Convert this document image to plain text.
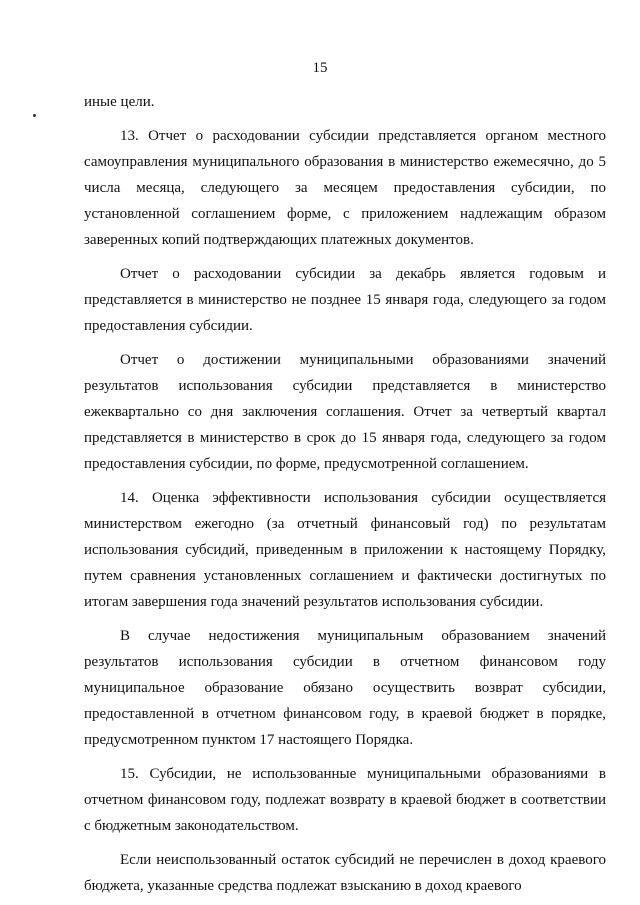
15

иные цели.

13. Отчет о расходовании субсидии представляется органом местного самоуправления муниципального образования в министерство ежемесячно, до 5 числа месяца, следующего за месяцем предоставления субсидии, по установленной соглашением форме, с приложением надлежащим образом заверенных копий подтверждающих платежных документов.

Отчет о расходовании субсидии за декабрь является годовым и представляется в министерство не позднее 15 января года, следующего за годом предоставления субсидии.

Отчет о достижении муниципальными образованиями значений результатов использования субсидии представляется в министерство ежеквартально со дня заключения соглашения. Отчет за четвертый квартал представляется в министерство в срок до 15 января года, следующего за годом предоставления субсидии, по форме, предусмотренной соглашением.

14. Оценка эффективности использования субсидии осуществляется министерством ежегодно (за отчетный финансовый год) по результатам использования субсидий, приведенным в приложении к настоящему Порядку, путем сравнения установленных соглашением и фактически достигнутых по итогам завершения года значений результатов использования субсидии.

В случае недостижения муниципальным образованием значений результатов использования субсидии в отчетном финансовом году муниципальное образование обязано осуществить возврат субсидии, предоставленной в отчетном финансовом году, в краевой бюджет в порядке, предусмотренном пунктом 17 настоящего Порядка.

15. Субсидии, не использованные муниципальными образованиями в отчетном финансовом году, подлежат возврату в краевой бюджет в соответствии с бюджетным законодательством.

Если неиспользованный остаток субсидий не перечислен в доход краевого бюджета, указанные средства подлежат взысканию в доход краевого
